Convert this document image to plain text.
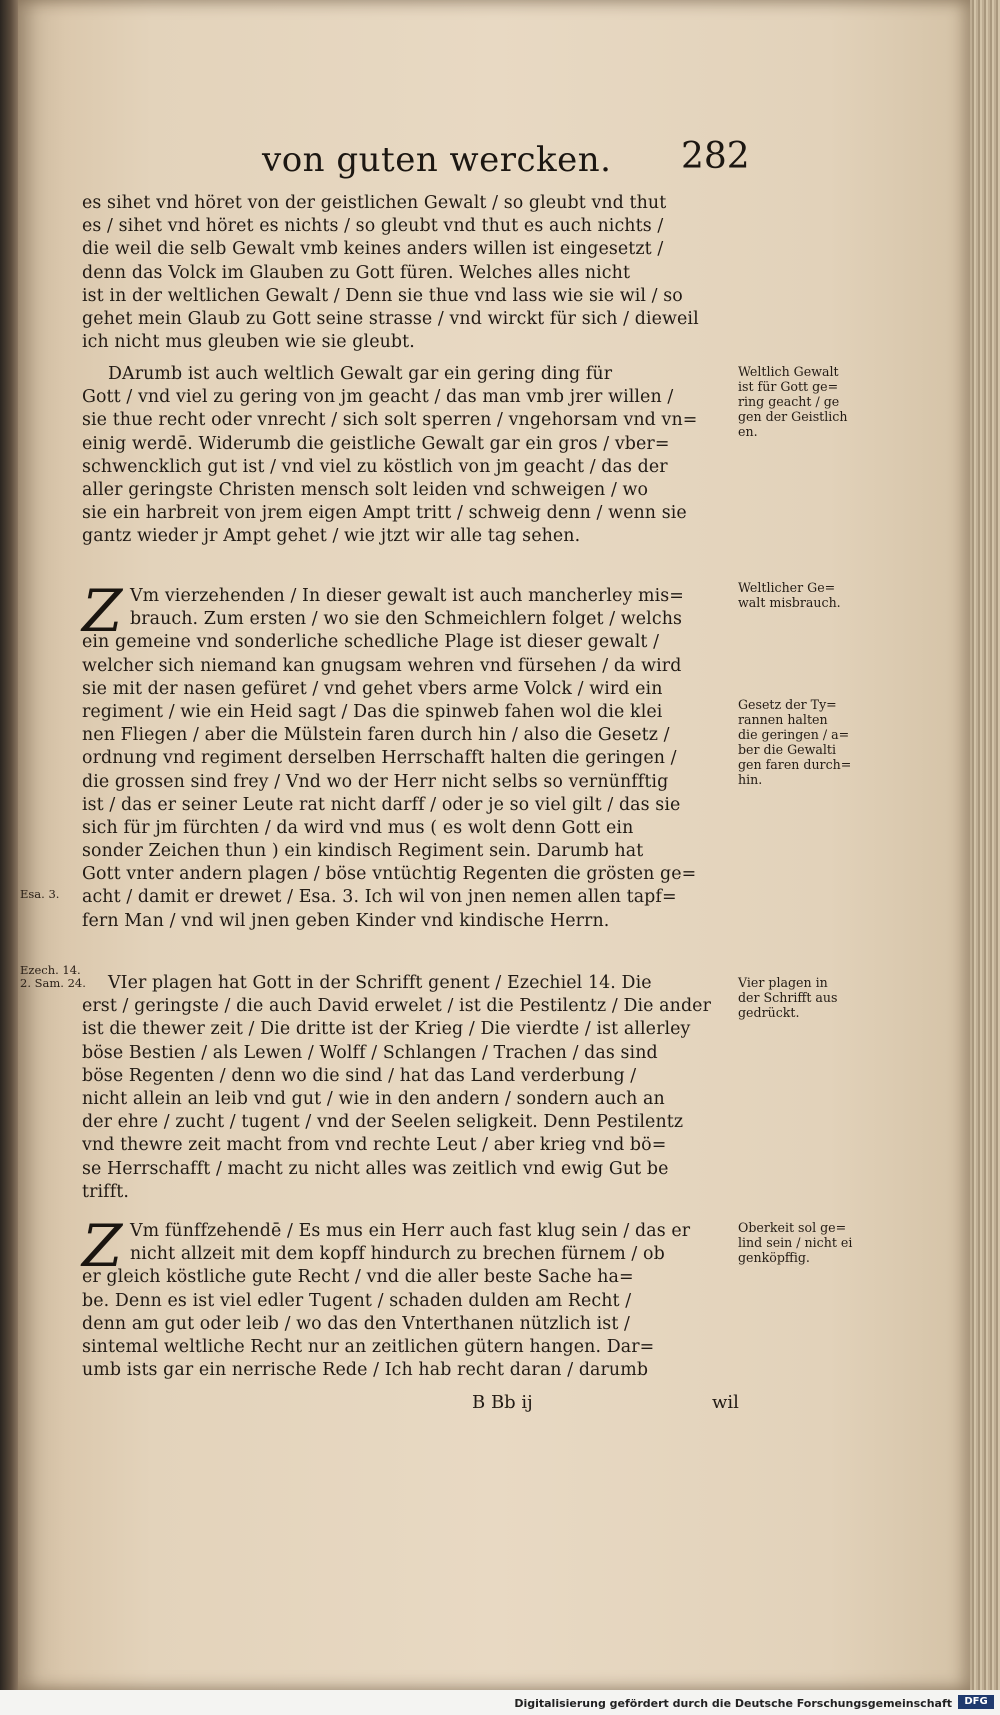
von guten wercken. 282
es sihet vnd höret von der geistlichen Gewalt / so gleubt vnd thut
es / sihet vnd höret es nichts / so gleubt vnd thut es auch nichts /
die weil die selb Gewalt vmb keines anders willen ist eingesetzt /
denn das Volck im Glauben zu Gott füren. Welches alles nicht
ist in der weltlichen Gewalt / Denn sie thue vnd lass wie sie wil / so
gehet mein Glaub zu Gott seine strasse / vnd wirckt für sich / dieweil
ich nicht mus gleuben wie sie gleubt.
DArumb ist auch weltlich Gewalt gar ein gering ding für
Gott / vnd viel zu gering von jm geacht / das man vmb jrer willen /
sie thue recht oder vnrecht / sich solt sperren / vngehorsam vnd vn=
einig werdē. Widerumb die geistliche Gewalt gar ein gros / vber=
schwencklich gut ist / vnd viel zu köstlich von jm geacht / das der
aller geringste Christen mensch solt leiden vnd schweigen / wo
sie ein harbreit von jrem eigen Ampt tritt / schweig denn / wenn sie
gantz wieder jr Ampt gehet / wie jtzt wir alle tag sehen.
Z Vm vierzehenden / In dieser gewalt ist auch mancherley mis=
brauch. Zum ersten / wo sie den Schmeichlern folget / welchs
ein gemeine vnd sonderliche schedliche Plage ist dieser gewalt /
welcher sich niemand kan gnugsam wehren vnd fürsehen / da wird
sie mit der nasen gefüret / vnd gehet vbers arme Volck / wird ein
regiment / wie ein Heid sagt / Das die spinweb fahen wol die klei
nen Fliegen / aber die Mülstein faren durch hin / also die Gesetz /
ordnung vnd regiment derselben Herrschafft halten die geringen /
die grossen sind frey / Vnd wo der Herr nicht selbs so vernünfftig
ist / das er seiner Leute rat nicht darff / oder je so viel gilt / das sie
sich für jm fürchten / da wird vnd mus ( es wolt denn Gott ein
sonder Zeichen thun ) ein kindisch Regiment sein. Darumb hat
Gott vnter andern plagen / böse vntüchtig Regenten die grösten ge=
acht / damit er drewet / Esa. 3. Ich wil von jnen nemen allen tapf=
fern Man / vnd wil jnen geben Kinder vnd kindische Herrn.
VIer plagen hat Gott in der Schrifft genent / Ezechiel 14. Die
erst / geringste / die auch David erwelet / ist die Pestilentz / Die ander
ist die thewer zeit / Die dritte ist der Krieg / Die vierdte / ist allerley
böse Bestien / als Lewen / Wolff / Schlangen / Trachen / das sind
böse Regenten / denn wo die sind / hat das Land verderbung /
nicht allein an leib vnd gut / wie in den andern / sondern auch an
der ehre / zucht / tugent / vnd der Seelen seligkeit. Denn Pestilentz
vnd thewre zeit macht from vnd rechte Leut / aber krieg vnd bö=
se Herrschafft / macht zu nicht alles was zeitlich vnd ewig Gut be
trifft.
Z Vm fünffzehendē / Es mus ein Herr auch fast klug sein / das er
nicht allzeit mit dem kopff hindurch zu brechen fürnem / ob
er gleich köstliche gute Recht / vnd die aller beste Sache ha=
be. Denn es ist viel edler Tugent / schaden dulden am Recht /
denn am gut oder leib / wo das den Vnterthanen nützlich ist /
sintemal weltliche Recht nur an zeitlichen gütern hangen. Dar=
umb ists gar ein nerrische Rede / Ich hab recht daran / darumb
Weltlich Gewalt
ist für Gott ge=
ring geacht / ge
gen der Geistlich
en.
Weltlicher Ge=
walt misbrauch.
Gesetz der Ty=
rannen halten
die geringen / a=
ber die Gewalti
gen faren durch=
hin.
Vier plagen in
der Schrifft aus
gedrückt.
Oberkeit sol ge=
lind sein / nicht ei
genköpffig.
Esa. 3.
Ezech. 14.
2. Sam. 24.
B Bb ij	wil
Digitalisierung gefördert durch die Deutsche Forschungsgemeinschaft	DFG
